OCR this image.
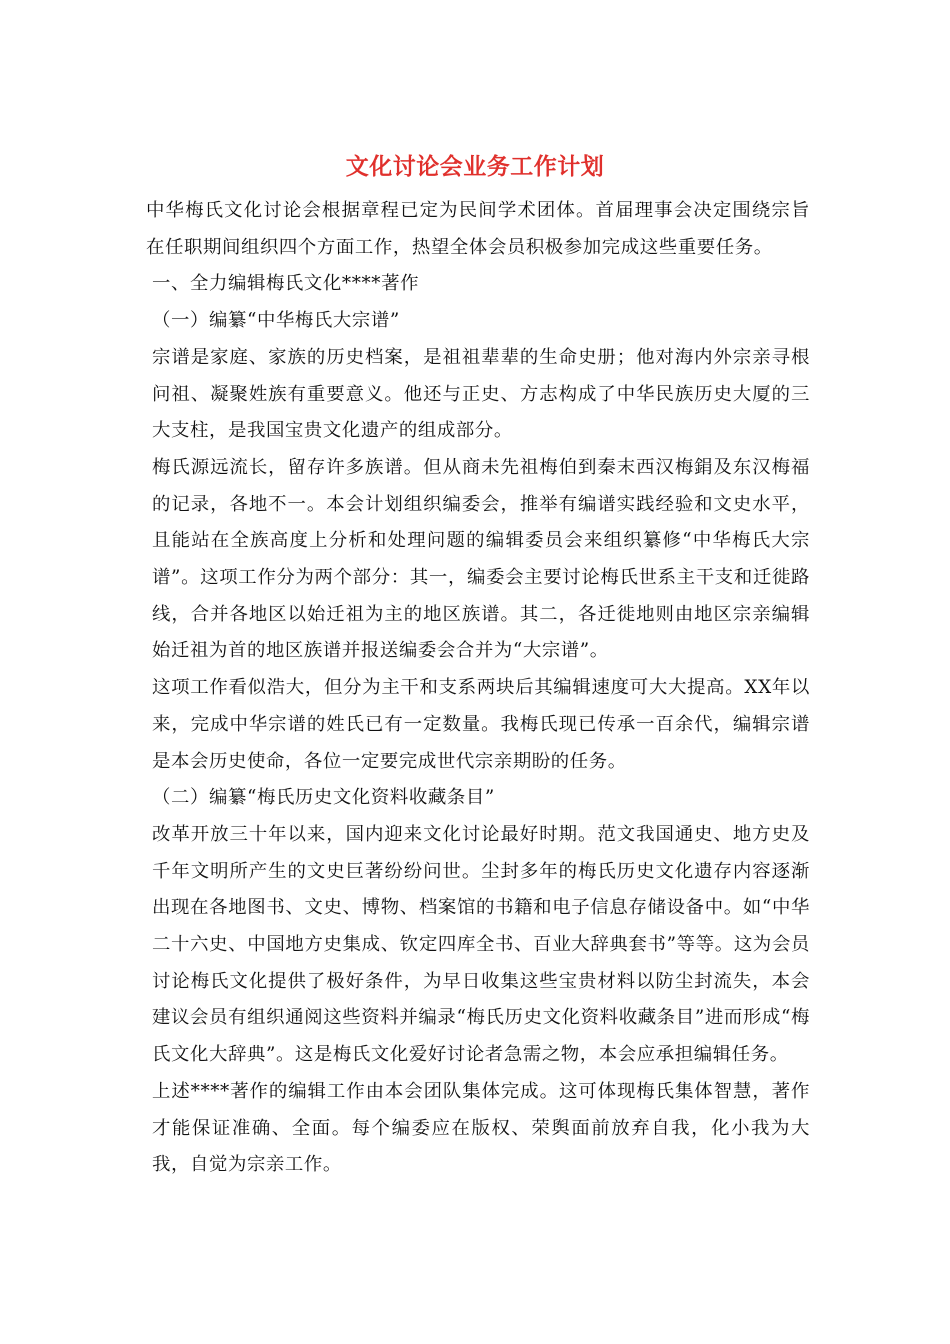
文化讨论会业务工作计划

中华梅氏文化讨论会根据章程已定为民间学术团体。首届理事会决定围绕宗旨在任职期间组织四个方面工作，热望全体会员积极参加完成这些重要任务。

一、全力编辑梅氏文化****著作

（一）编纂“中华梅氏大宗谱”

宗谱是家庭、家族的历史档案，是祖祖辈辈的生命史册；他对海内外宗亲寻根问祖、凝聚姓族有重要意义。他还与正史、方志构成了中华民族历史大厦的三大支柱，是我国宝贵文化遗产的组成部分。

梅氏源远流长，留存许多族谱。但从商未先祖梅伯到秦末西汉梅鋗及东汉梅福的记录，各地不一。本会计划组织编委会，推举有编谱实践经验和文史水平，且能站在全族高度上分析和处理问题的编辑委员会来组织纂修“中华梅氏大宗谱”。这项工作分为两个部分：其一，编委会主要讨论梅氏世系主干支和迁徙路线，合并各地区以始迁祖为主的地区族谱。其二，各迁徙地则由地区宗亲编辑始迁祖为首的地区族谱并报送编委会合并为“大宗谱”。

这项工作看似浩大，但分为主干和支系两块后其编辑速度可大大提高。XX年以来，完成中华宗谱的姓氏已有一定数量。我梅氏现已传承一百余代，编辑宗谱是本会历史使命，各位一定要完成世代宗亲期盼的任务。

（二）编纂“梅氏历史文化资料收藏条目”

改革开放三十年以来，国内迎来文化讨论最好时期。范文我国通史、地方史及千年文明所产生的文史巨著纷纷问世。尘封多年的梅氏历史文化遗存内容逐渐出现在各地图书、文史、博物、档案馆的书籍和电子信息存储设备中。如“中华二十六史、中国地方史集成、钦定四库全书、百业大辞典套书”等等。这为会员讨论梅氏文化提供了极好条件，为早日收集这些宝贵材料以防尘封流失，本会建议会员有组织通阅这些资料并编录“梅氏历史文化资料收藏条目”进而形成“梅氏文化大辞典”。这是梅氏文化爱好讨论者急需之物，本会应承担编辑任务。

上述****著作的编辑工作由本会团队集体完成。这可体现梅氏集体智慧，著作才能保证准确、全面。每个编委应在版权、荣舆面前放弃自我，化小我为大我，自觉为宗亲工作。
